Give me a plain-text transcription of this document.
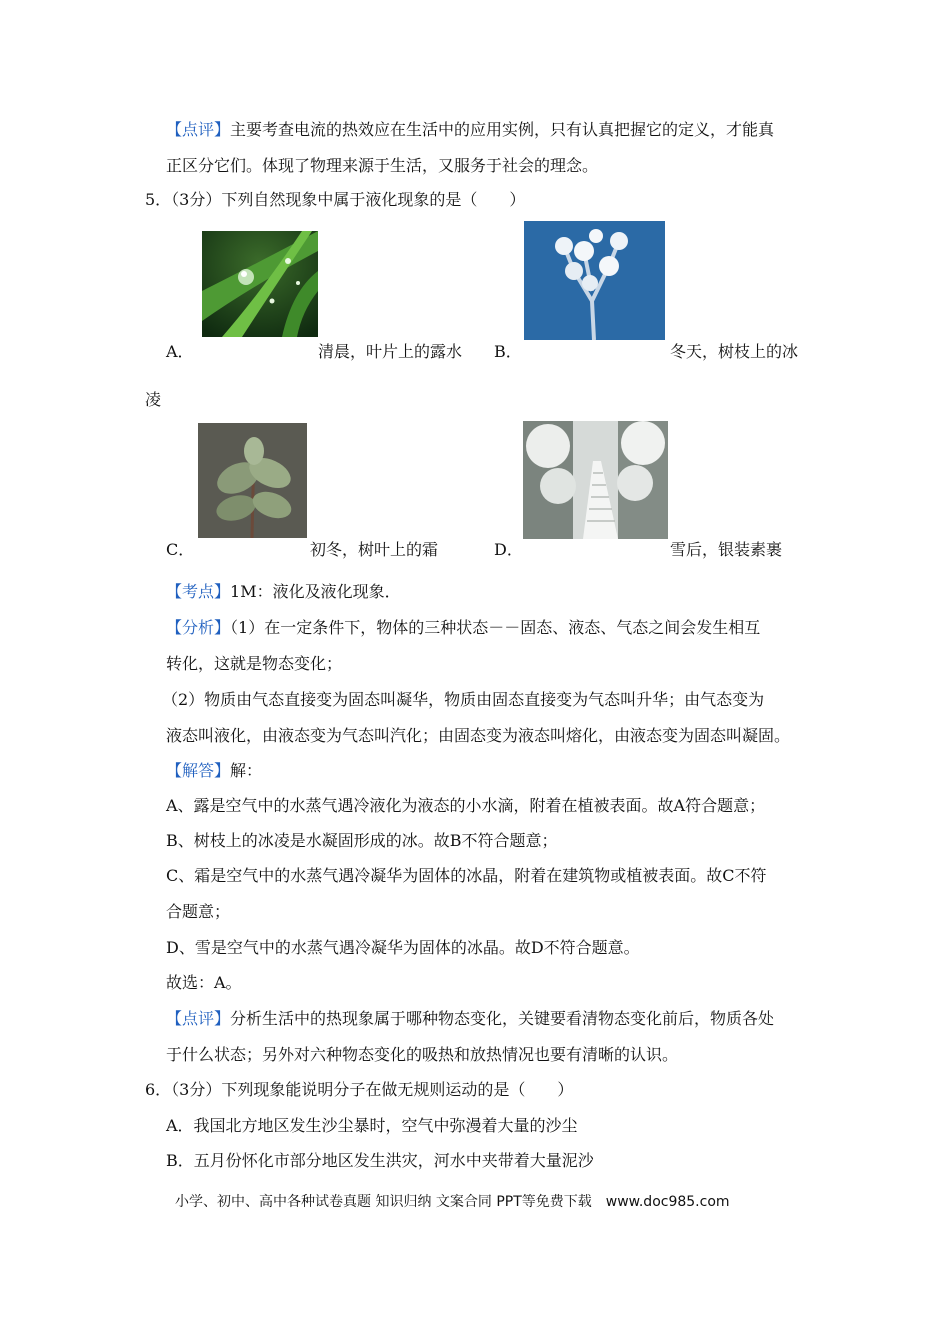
【点评】主要考查电流的热效应在生活中的应用实例，只有认真把握它的定义，才能真
正区分它们。体现了物理来源于生活，又服务于社会的理念。
5．（3分）下列自然现象中属于液化现象的是（　　）
A．	清晨，叶片上的露水 B．	冬天，树枝上的冰
凌
C．	初冬，树叶上的霜	D．	雪后，银装素裹
【考点】1M：液化及液化现象．
【分析】（1）在一定条件下，物体的三种状态－－固态、液态、气态之间会发生相互
转化，这就是物态变化；
（2）物质由气态直接变为固态叫凝华，物质由固态直接变为气态叫升华；由气态变为
液态叫液化，由液态变为气态叫汽化；由固态变为液态叫熔化，由液态变为固态叫凝固。
【解答】解：
A、露是空气中的水蒸气遇冷液化为液态的小水滴，附着在植被表面。故A符合题意；
B、树枝上的冰凌是水凝固形成的冰。故B不符合题意；
C、霜是空气中的水蒸气遇冷凝华为固体的冰晶，附着在建筑物或植被表面。故C不符
合题意；
D、雪是空气中的水蒸气遇冷凝华为固体的冰晶。故D不符合题意。
故选：A。
【点评】分析生活中的热现象属于哪种物态变化，关键要看清物态变化前后，物质各处
于什么状态；另外对六种物态变化的吸热和放热情况也要有清晰的认识。
6．（3分）下列现象能说明分子在做无规则运动的是（　　）
A．我国北方地区发生沙尘暴时，空气中弥漫着大量的沙尘
B．五月份怀化市部分地区发生洪灾，河水中夹带着大量泥沙
小学、初中、高中各种试卷真题 知识归纳 文案合同 PPT等免费下载　www.doc985.com
